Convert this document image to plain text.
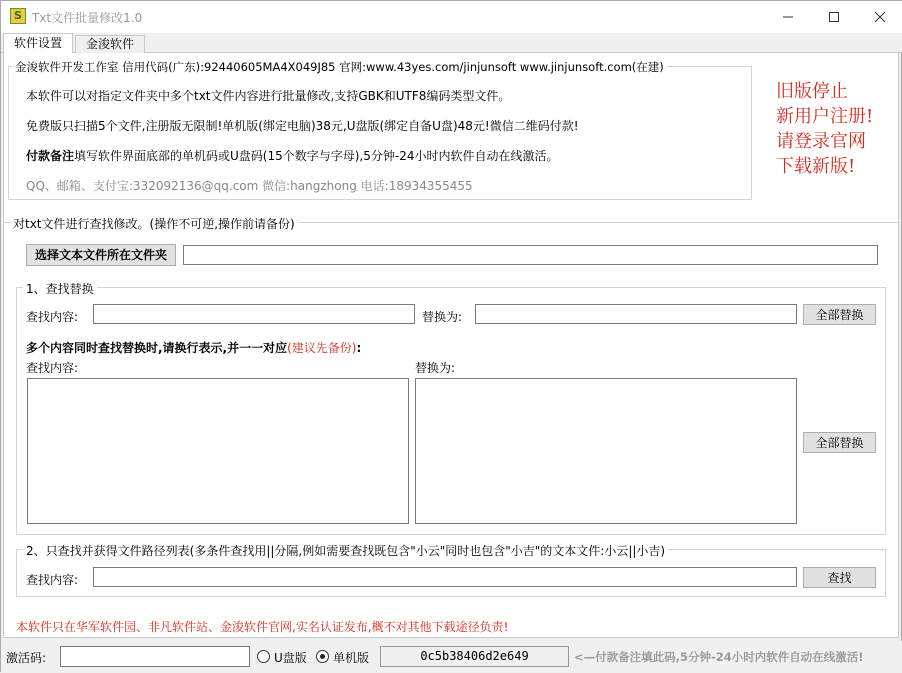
S Txt文件批量修改1.0
软件设置	金浚软件
金浚软件开发工作室 信用代码(广东):92440605MA4X049J85 官网:www.43yes.com/jinjunsoft www.jinjunsoft.com(在建)
本软件可以对指定文件夹中多个txt文件内容进行批量修改,支持GBK和UTF8编码类型文件。
免费版只扫描5个文件,注册版无限制!单机版(绑定电脑)38元,U盘版(绑定自备U盘)48元!微信二维码付款!
付款备注填写软件界面底部的单机码或U盘码(15个数字与字母),5分钟-24小时内软件自动在线激活。
QQ、邮箱、支付宝:332092136@qq.com 微信:hangzhong 电话:18934355455
旧版停止
新用户注册!
请登录官网
下载新版!
对txt文件进行查找修改。(操作不可逆,操作前请备份)
选择文本文件所在文件夹
1、查找替换
查找内容:	替换为:	全部替换
多个内容同时查找替换时,请换行表示,并一一对应(建议先备份):
查找内容:	替换为:
全部替换
2、只查找并获得文件路径列表(多条件查找用||分隔,例如需要查找既包含"小云"同时也包含"小吉"的文本文件:小云||小吉)
查找内容:	查找
本软件只在华军软件园、非凡软件站、金浚软件官网,实名认证发布,概不对其他下载途径负责!
激活码:	U盘版 单机版	0c5b38406d2e649	<—付款备注填此码,5分钟-24小时内软件自动在线激活!
